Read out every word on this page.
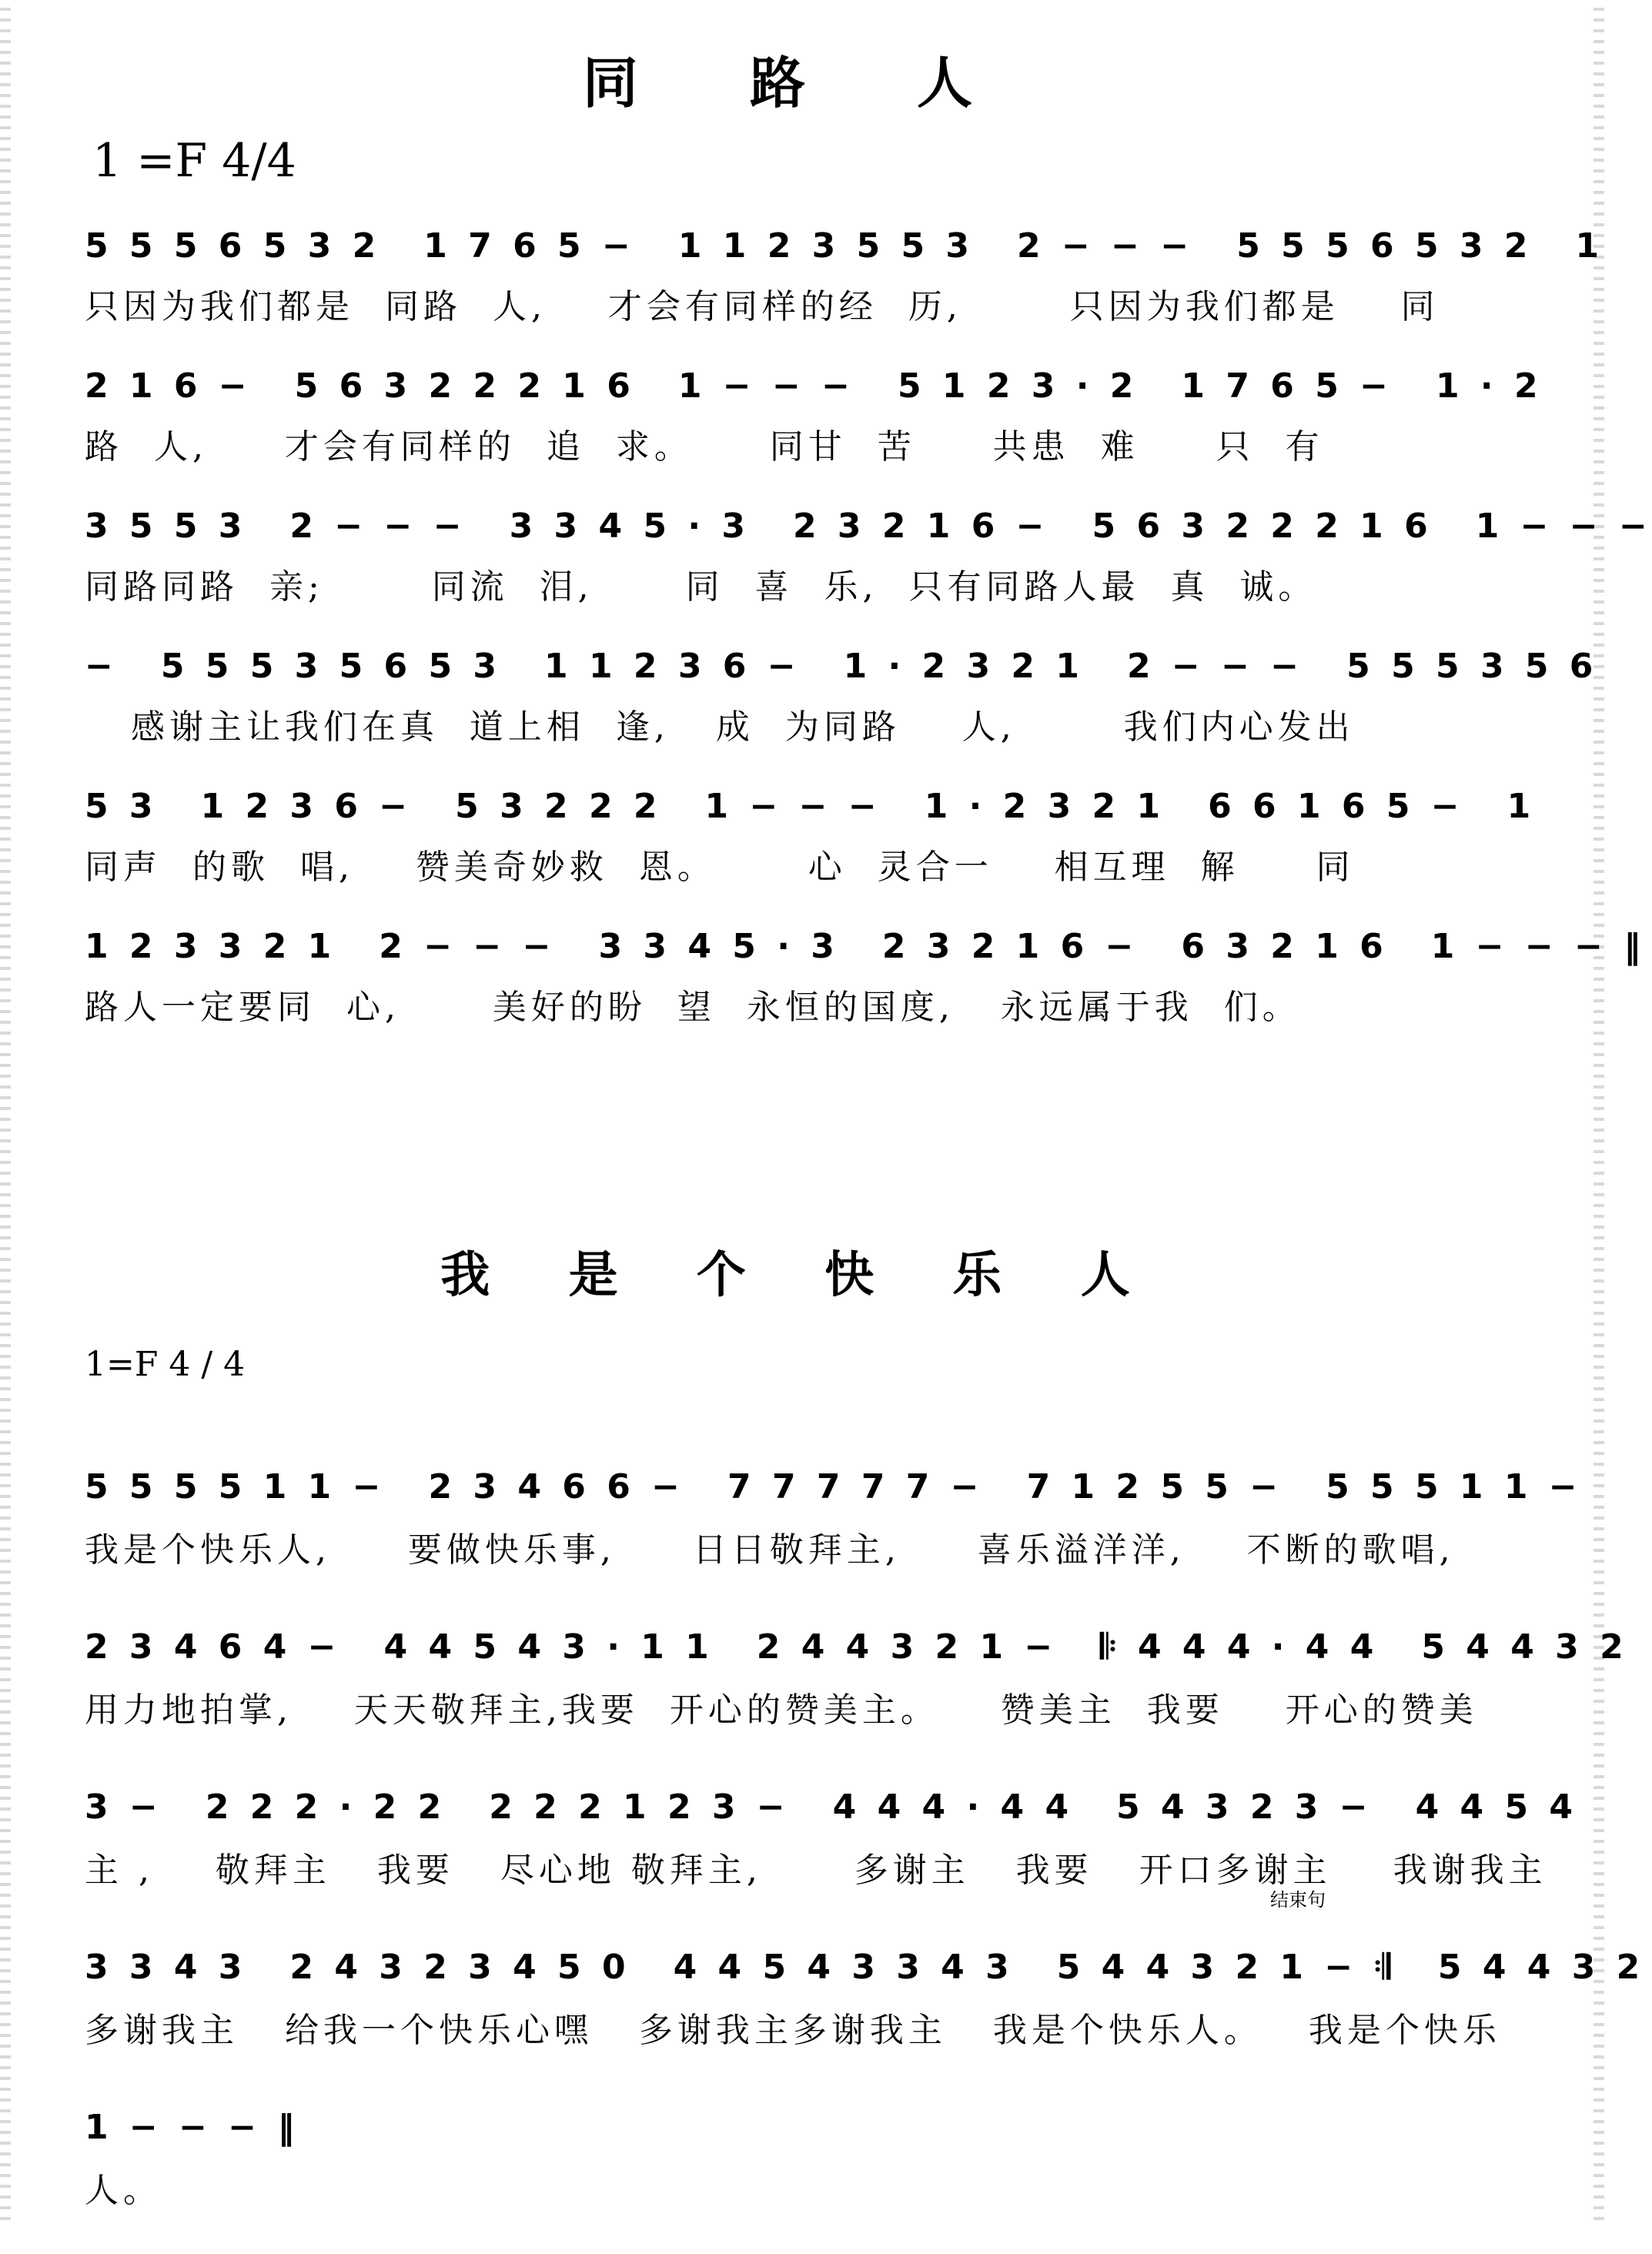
同 路 人
1 =F 4/4
5 5 5 6 5 3 2 1 7 6 5 − 1 1 2 3 5 5 3 2 − − − 5 5 5 6 5 3 2 1
只因为我们都是  同路  人,    才会有同样的经  历,       只因为我们都是    同
2 1 6 − 5 6 3 2 2 2 1 6 1 − − − 5 1 2 3 · 2 1 7 6 5 − 1 · 2
路  人,     才会有同样的  追  求。     同甘  苦     共患  难     只  有
3 5 5 3 2 − − − 3 3 4 5 · 3 2 3 2 1 6 − 5 6 3 2 2 2 1 6 1 − − −
同路同路  亲;       同流  泪,      同  喜  乐,  只有同路人最  真  诚。
− 5 5 5 3 5 6 5 3 1 1 2 3 6 − 1 · 2 3 2 1 2 − − − 5 5 5 3 5 6
感谢主让我们在真  道上相  逢,   成  为同路    人,       我们内心发出
5 3 1 2 3 6 − 5 3 2 2 2 1 − − − 1 · 2 3 2 1 6 6 1 6 5 − 1
同声  的歌  唱,    赞美奇妙救  恩。      心  灵合一    相互理  解     同
1 2 3 3 2 1 2 − − − 3 3 4 5 · 3 2 3 2 1 6 − 6 3 2 1 6 1 − − − ‖
路人一定要同  心,      美好的盼  望  永恒的国度,   永远属于我  们。
我 是 个 快 乐 人
1=F 4 / 4
5 5 5 5 1 1 − 2 3 4 6 6 − 7 7 7 7 7 − 7 1 2 5 5 − 5 5 5 1 1 −
我是个快乐人,     要做快乐事,     日日敬拜主,     喜乐溢洋洋,    不断的歌唱,
2 3 4 6 4 − 4 4 5 4 3 · 1 1 2 4 4 3 2 1 − 𝄆 4 4 4 · 4 4 5 4 4 3 2
用力地拍掌,    天天敬拜主,我要  开心的赞美主。    赞美主  我要    开心的赞美
3 − 2 2 2 · 2 2 2 2 2 1 2 3 − 4 4 4 · 4 4 5 4 3 2 3 − 4 4 5 4
主 ,    敬拜主   我要   尽心地 敬拜主,      多谢主   我要   开口多谢主    我谢我主
结束句
3 3 4 3 2 4 3 2 3 4 5 0 4 4 5 4 3 3 4 3 5 4 4 3 2 1 − 𝄇 5 4 4 3 2
多谢我主   给我一个快乐心嘿   多谢我主多谢我主   我是个快乐人。   我是个快乐
1 − − − ‖
人。
